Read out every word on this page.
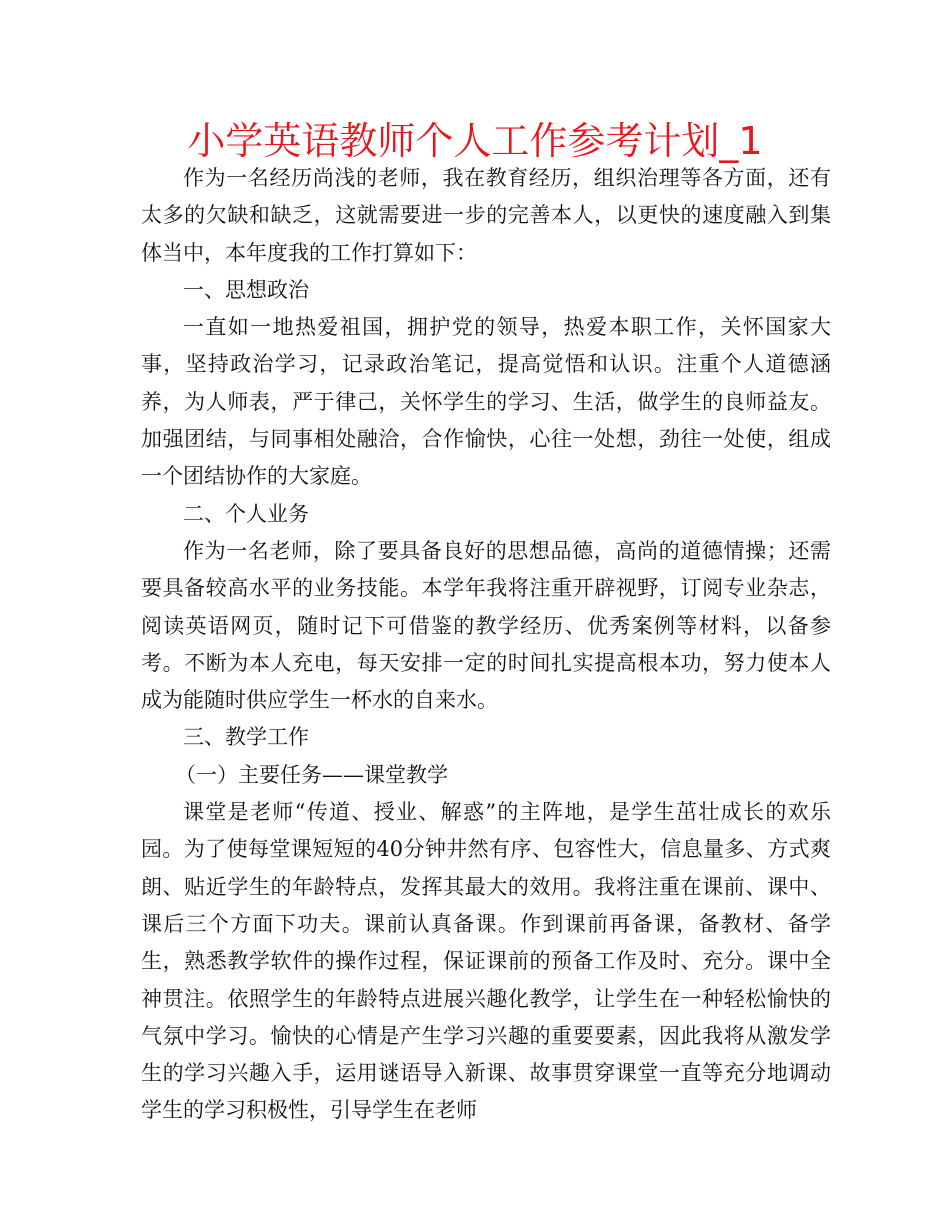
小学英语教师个人工作参考计划_1

作为一名经历尚浅的老师，我在教育经历，组织治理等各方面，还有太多的欠缺和缺乏，这就需要进一步的完善本人，以更快的速度融入到集体当中，本年度我的工作打算如下：

一、思想政治

一直如一地热爱祖国，拥护党的领导，热爱本职工作，关怀国家大事，坚持政治学习，记录政治笔记，提高觉悟和认识。注重个人道德涵养，为人师表，严于律己，关怀学生的学习、生活，做学生的良师益友。加强团结，与同事相处融洽，合作愉快，心往一处想，劲往一处使，组成一个团结协作的大家庭。

二、个人业务

作为一名老师，除了要具备良好的思想品德，高尚的道德情操；还需要具备较高水平的业务技能。本学年我将注重开辟视野，订阅专业杂志，阅读英语网页，随时记下可借鉴的教学经历、优秀案例等材料，以备参考。不断为本人充电，每天安排一定的时间扎实提高根本功，努力使本人成为能随时供应学生一杯水的自来水。

三、教学工作

（一）主要任务——课堂教学

课堂是老师“传道、授业、解惑”的主阵地，是学生茁壮成长的欢乐园。为了使每堂课短短的40分钟井然有序、包容性大，信息量多、方式爽朗、贴近学生的年龄特点，发挥其最大的效用。我将注重在课前、课中、课后三个方面下功夫。课前认真备课。作到课前再备课，备教材、备学生，熟悉教学软件的操作过程，保证课前的预备工作及时、充分。课中全神贯注。依照学生的年龄特点进展兴趣化教学，让学生在一种轻松愉快的气氛中学习。愉快的心情是产生学习兴趣的重要要素，因此我将从激发学生的学习兴趣入手，运用谜语导入新课、故事贯穿课堂一直等充分地调动学生的学习积极性，引导学生在老师
